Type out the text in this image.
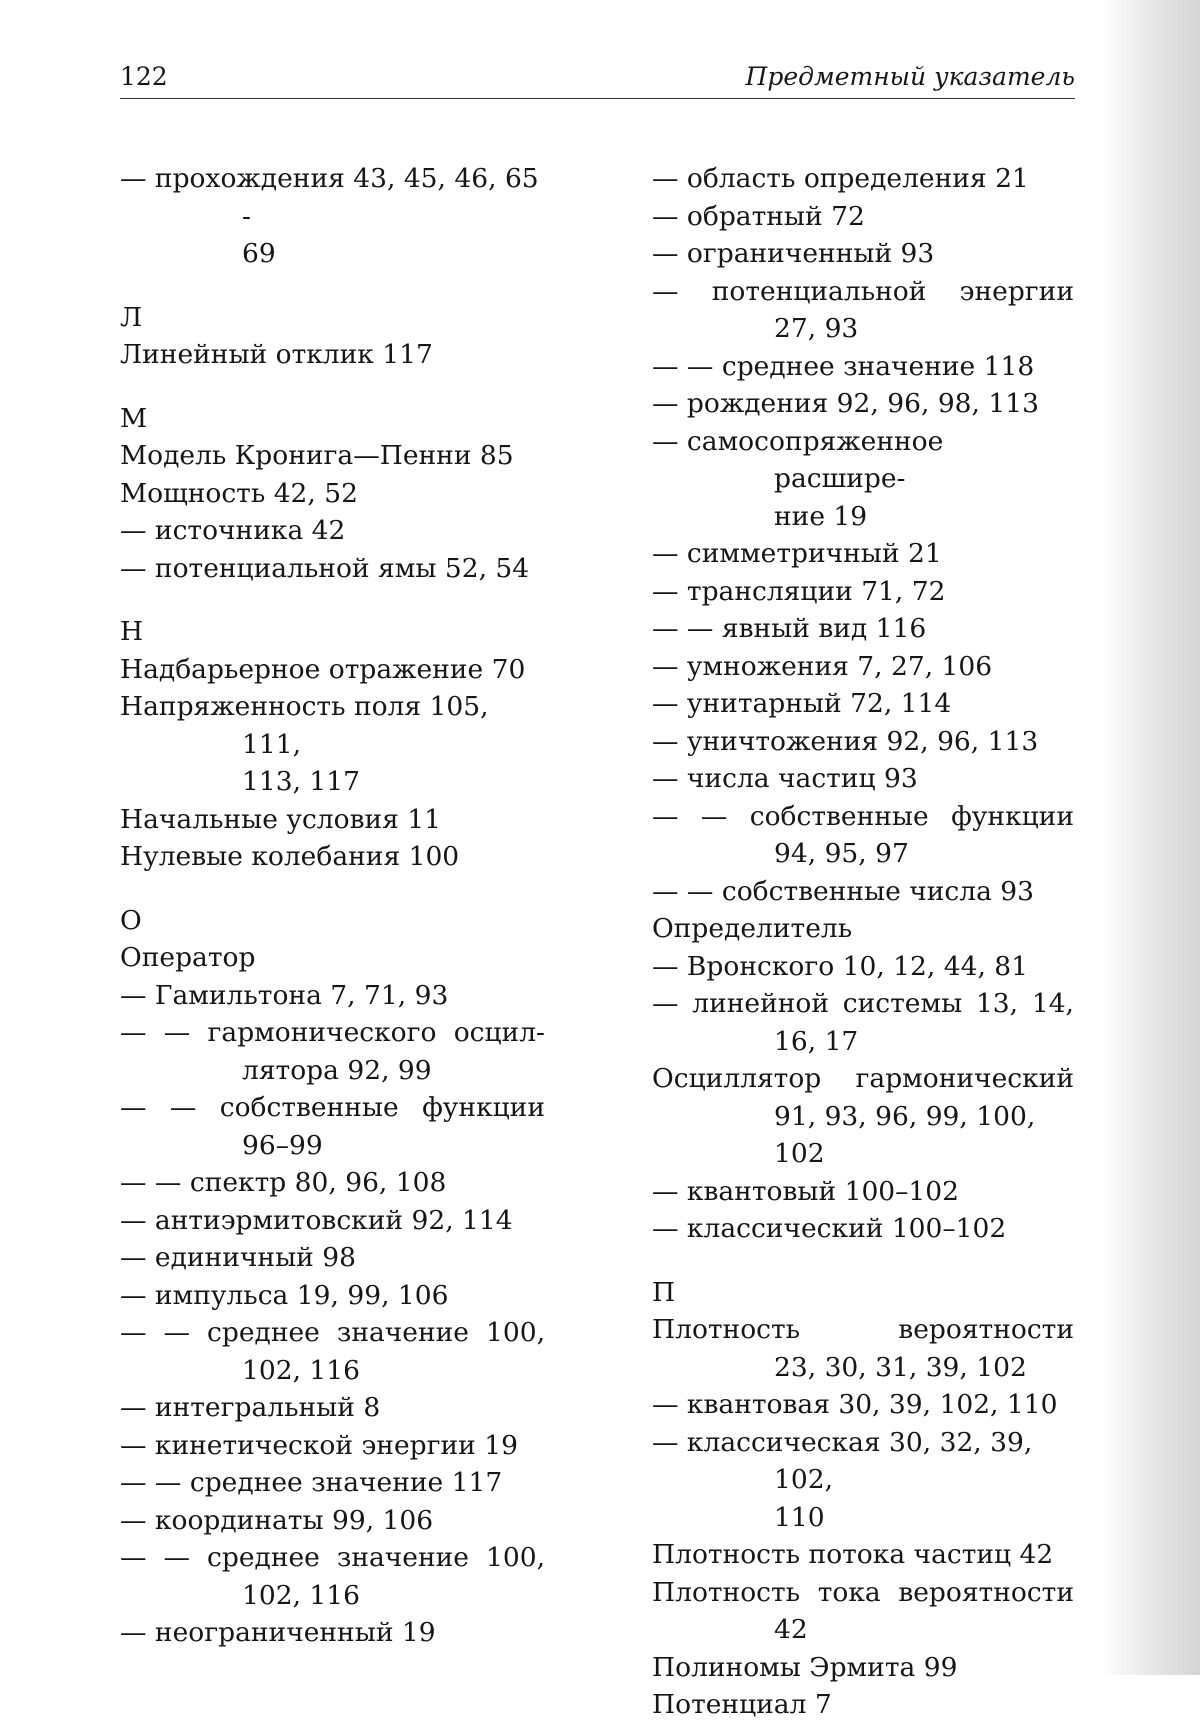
122	Предметный указатель

— прохождения 43, 45, 46, 65 -

69

Л

Линейный отклик 117

М

Модель Кронига—Пенни 85

Мощность 42, 52

— источника 42

— потенциальной ямы 52, 54

Н

Надбарьерное отражение 70

Напряженность поля 105, 111,

113, 117

Начальные условия 11

Нулевые колебания 100

О

Оператор

— Гамильтона 7, 71, 93

— — гармонического осцил-

лятора 92, 99

— — собственные функции

96–99

— — спектр 80, 96, 108

— антиэрмитовский 92, 114

— единичный 98

— импульса 19, 99, 106

— — среднее значение 100,

102, 116

— интегральный 8

— кинетической энергии 19

— — среднее значение 117

— координаты 99, 106

— — среднее значение 100,

102, 116

— неограниченный 19

— область определения 21

— обратный 72

— ограниченный 93

— потенциальной энергии

27, 93

— — среднее значение 118

— рождения 92, 96, 98, 113

— самосопряженное расшире-

ние 19

— симметричный 21

— трансляции 71, 72

— — явный вид 116

— умножения 7, 27, 106

— унитарный 72, 114

— уничтожения 92, 96, 113

— числа частиц 93

— — собственные функции

94, 95, 97

— — собственные числа 93

Определитель

— Вронского 10, 12, 44, 81

— линейной системы 13, 14,

16, 17

Осциллятор гармонический

91, 93, 96, 99, 100, 102

— квантовый 100–102

— классический 100–102

П

Плотность вероятности

23, 30, 31, 39, 102

— квантовая 30, 39, 102, 110

— классическая 30, 32, 39, 102,

110

Плотность потока частиц 42

Плотность тока вероятности

42

Полиномы Эрмита 99

Потенциал 7
